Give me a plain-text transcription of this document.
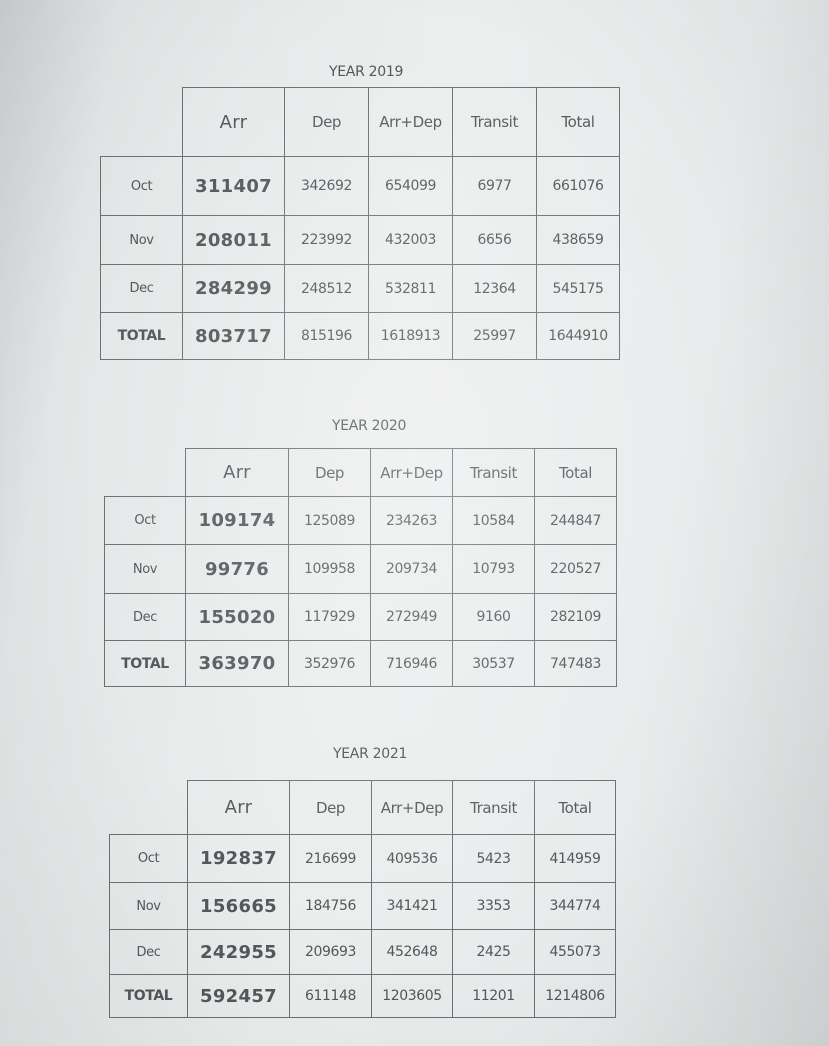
YEAR 2019
	Arr	Dep	Arr+Dep	Transit	Total
Oct	311407	342692	654099	6977	661076
Nov	208011	223992	432003	6656	438659
Dec	284299	248512	532811	12364	545175
TOTAL	803717	815196	1618913	25997	1644910
YEAR 2020
	Arr	Dep	Arr+Dep	Transit	Total
Oct	109174	125089	234263	10584	244847
Nov	99776	109958	209734	10793	220527
Dec	155020	117929	272949	9160	282109
TOTAL	363970	352976	716946	30537	747483
YEAR 2021
	Arr	Dep	Arr+Dep	Transit	Total
Oct	192837	216699	409536	5423	414959
Nov	156665	184756	341421	3353	344774
Dec	242955	209693	452648	2425	455073
TOTAL	592457	611148	1203605	11201	1214806
